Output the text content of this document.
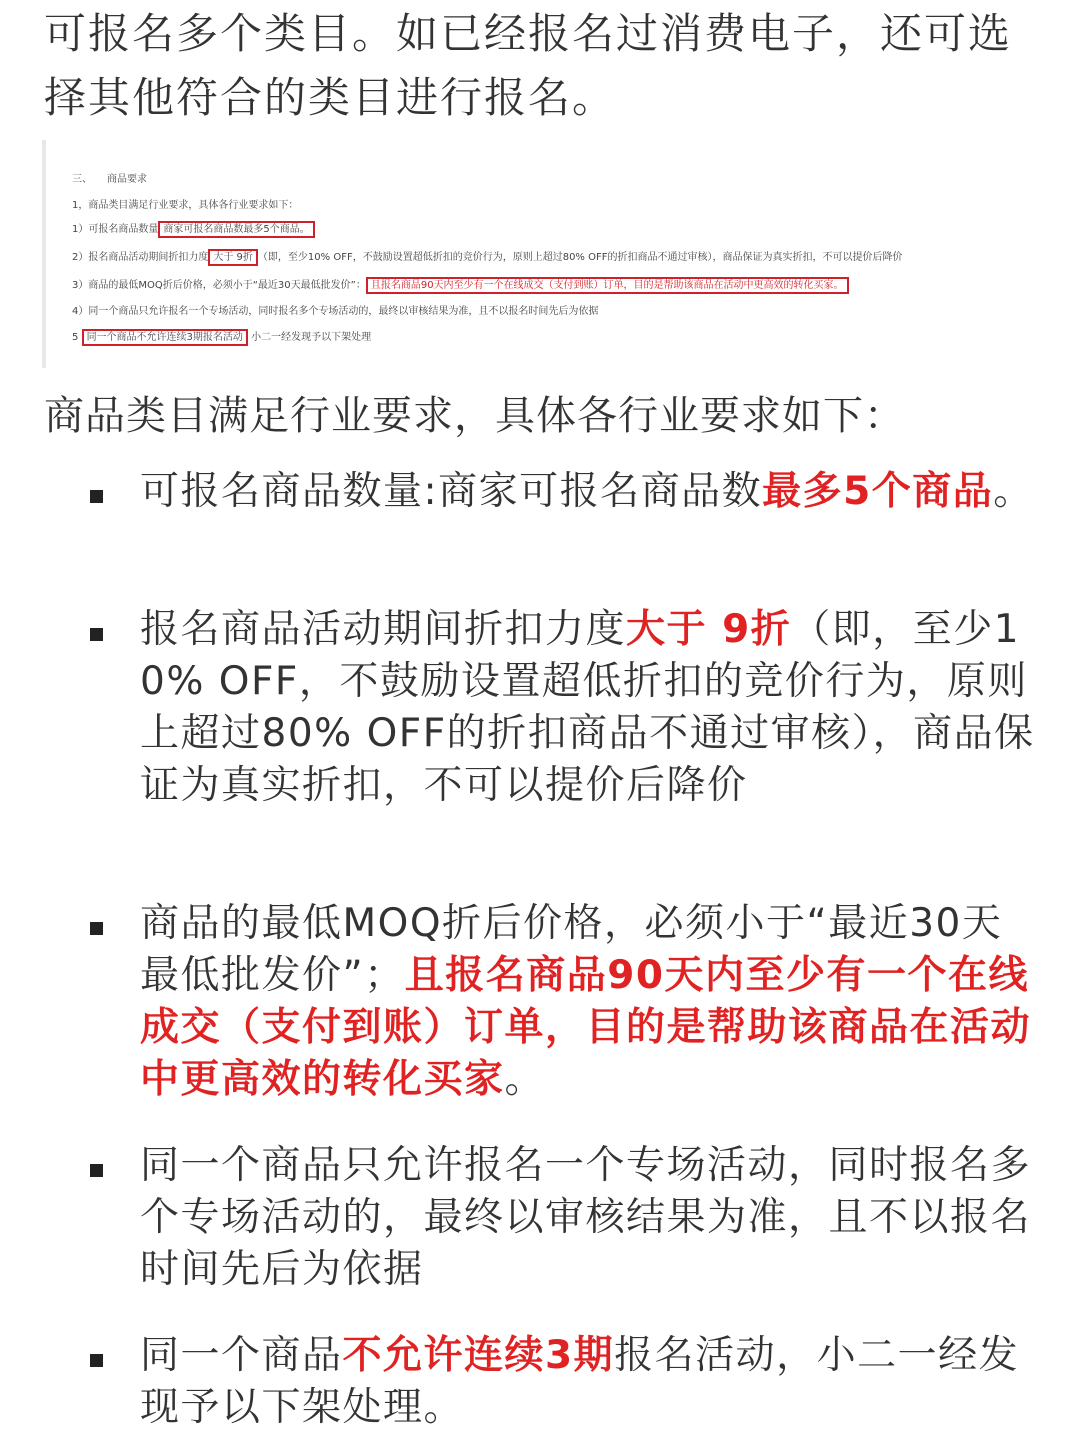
可报名多个类目。如已经报名过消费电子，还可选择其他符合的类目进行报名。

三、　　商品要求
1，商品类目满足行业要求，具体各行业要求如下：
1）可报名商品数量 商家可报名商品数最多5个商品。
2）报名商品活动期间折扣力度 大于 9折 （即，至少10% OFF，不鼓励设置超低折扣的竞价行为，原则上超过80% OFF的折扣商品不通过审核），商品保证为真实折扣，不可以提价后降价
3）商品的最低MOQ折后价格，必须小于“最近30天最低批发价”： 且报名商品90天内至少有一个在线成交（支付到账）订单，目的是帮助该商品在活动中更高效的转化买家。
4）同一个商品只允许报名一个专场活动，同时报名多个专场活动的，最终以审核结果为准，且不以报名时间先后为依据
5 同一个商品不允许连续3期报名活动 小二一经发现予以下架处理

商品类目满足行业要求，具体各行业要求如下：

可报名商品数量:商家可报名商品数最多5个商品。
报名商品活动期间折扣力度大于 9折（即，至少10% OFF，不鼓励设置超低折扣的竞价行为，原则上超过80% OFF的折扣商品不通过审核），商品保证为真实折扣，不可以提价后降价
商品的最低MOQ折后价格，必须小于“最近30天最低批发价”；且报名商品90天内至少有一个在线成交（支付到账）订单，目的是帮助该商品在活动中更高效的转化买家。
同一个商品只允许报名一个专场活动，同时报名多个专场活动的，最终以审核结果为准，且不以报名时间先后为依据
同一个商品不允许连续3期报名活动，小二一经发现予以下架处理。
